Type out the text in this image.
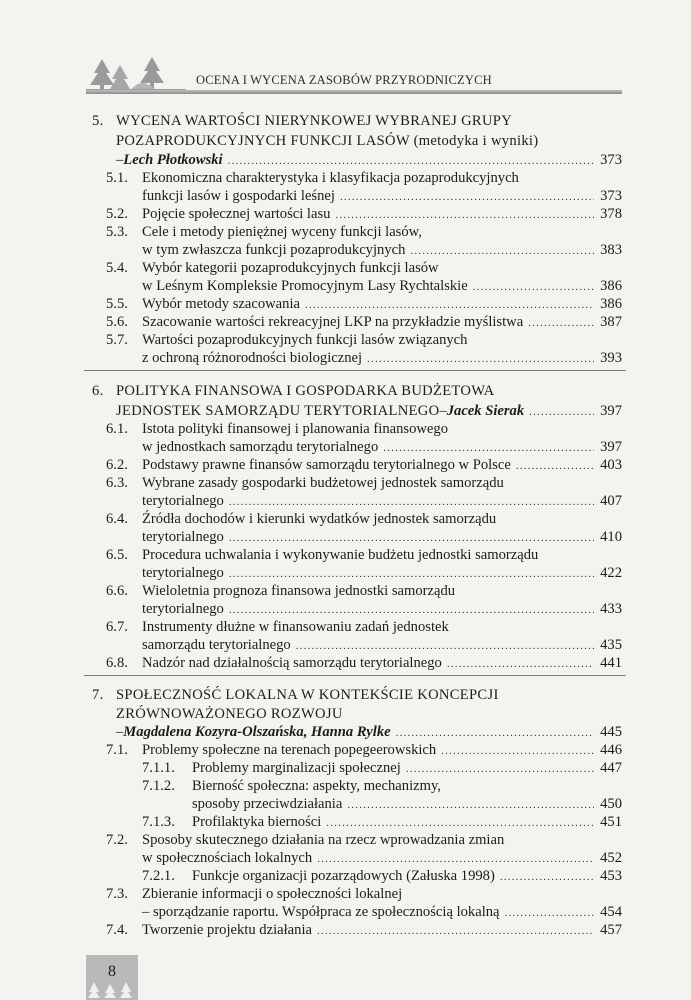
OCENA I WYCENA ZASOBÓW PRZYRODNICZYCH
5. WYCENA WARTOŚCI NIERYNKOWEJ WYBRANEJ GRUPY
POZAPRODUKCYJNYCH FUNKCJI LASÓW (metodyka i wyniki)
– Lech Płotkowski .....	373
5.1. Ekonomiczna charakterystyka i klasyfikacja pozaprodukcyjnych
funkcji lasów i gospodarki leśnej .....	373
5.2. Pojęcie społecznej wartości lasu .....	378
5.3. Cele i metody pieniężnej wyceny funkcji lasów,
w tym zwłaszcza funkcji pozaprodukcyjnych .....	383
5.4. Wybór kategorii pozaprodukcyjnych funkcji lasów
w Leśnym Kompleksie Promocyjnym Lasy Rychtalskie .....	386
5.5. Wybór metody szacowania .....	386
5.6. Szacowanie wartości rekreacyjnej LKP na przykładzie myślistwa .....	387
5.7. Wartości pozaprodukcyjnych funkcji lasów związanych
z ochroną różnorodności biologicznej .....	393
6. POLITYKA FINANSOWA I GOSPODARKA BUDŻETOWA
JEDNOSTEK SAMORZĄDU TERYTORIALNEGO – Jacek Sierak .....	397
6.1. Istota polityki finansowej i planowania finansowego
w jednostkach samorządu terytorialnego .....	397
6.2. Podstawy prawne finansów samorządu terytorialnego w Polsce .....	403
6.3. Wybrane zasady gospodarki budżetowej jednostek samorządu
terytorialnego .....	407
6.4. Źródła dochodów i kierunki wydatków jednostek samorządu
terytorialnego .....	410
6.5. Procedura uchwalania i wykonywanie budżetu jednostki samorządu
terytorialnego .....	422
6.6. Wieloletnia prognoza finansowa jednostki samorządu
terytorialnego .....	433
6.7. Instrumenty dłużne w finansowaniu zadań jednostek
samorządu terytorialnego .....	435
6.8. Nadzór nad działalnością samorządu terytorialnego .....	441
7. SPOŁECZNOŚĆ LOKALNA W KONTEKŚCIE KONCEPCJI
ZRÓWNOWAŻONEGO ROZWOJU
– Magdalena Kozyra-Olszańska, Hanna Rylke .....	445
7.1. Problemy społeczne na terenach popegeerowskich .....	446
7.1.1.	Problemy marginalizacji społecznej .....	447
7.1.2.	Bierność społeczna: aspekty, mechanizmy,
sposoby przeciwdziałania .....	450
7.1.3.	Profilaktyka bierności .....	451
7.2. Sposoby skutecznego działania na rzecz wprowadzania zmian
w społecznościach lokalnych .....	452
7.2.1.	Funkcje organizacji pozarządowych (Załuska 1998) .....	453
7.3. Zbieranie informacji o społeczności lokalnej
– sporządzanie raportu. Współpraca ze społecznością lokalną .....	454
7.4. Tworzenie projektu działania .....	457
8
